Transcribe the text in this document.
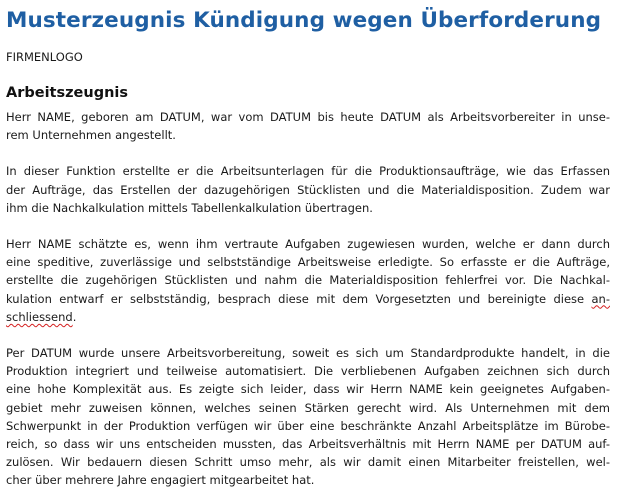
Musterzeugnis Kündigung wegen Überforderung
FIRMENLOGO
Arbeitszeugnis

Herr NAME, geboren am DATUM, war vom DATUM bis heute DATUM als Arbeitsvorbereiter in unse-
rem Unternehmen angestellt.

In dieser Funktion erstellte er die Arbeitsunterlagen für die Produktionsaufträge, wie das Erfassen
der Aufträge, das Erstellen der dazugehörigen Stücklisten und die Materialdisposition. Zudem war
ihm die Nachkalkulation mittels Tabellenkalkulation übertragen.

Herr NAME schätzte es, wenn ihm vertraute Aufgaben zugewiesen wurden, welche er dann durch
eine speditive, zuverlässige und selbstständige Arbeitsweise erledigte. So erfasste er die Aufträge,
erstellte die zugehörigen Stücklisten und nahm die Materialdisposition fehlerfrei vor. Die Nachkal-
kulation entwarf er selbstständig, besprach diese mit dem Vorgesetzten und bereinigte diese an-
schliessend.

Per DATUM wurde unsere Arbeitsvorbereitung, soweit es sich um Standardprodukte handelt, in die
Produktion integriert und teilweise automatisiert. Die verbliebenen Aufgaben zeichnen sich durch
eine hohe Komplexität aus. Es zeigte sich leider, dass wir Herrn NAME kein geeignetes Aufgaben-
gebiet mehr zuweisen können, welches seinen Stärken gerecht wird. Als Unternehmen mit dem
Schwerpunkt in der Produktion verfügen wir über eine beschränkte Anzahl Arbeitsplätze im Bürobe-
reich, so dass wir uns entscheiden mussten, das Arbeitsverhältnis mit Herrn NAME per DATUM auf-
zulösen. Wir bedauern diesen Schritt umso mehr, als wir damit einen Mitarbeiter freistellen, wel-
cher über mehrere Jahre engagiert mitgearbeitet hat.
